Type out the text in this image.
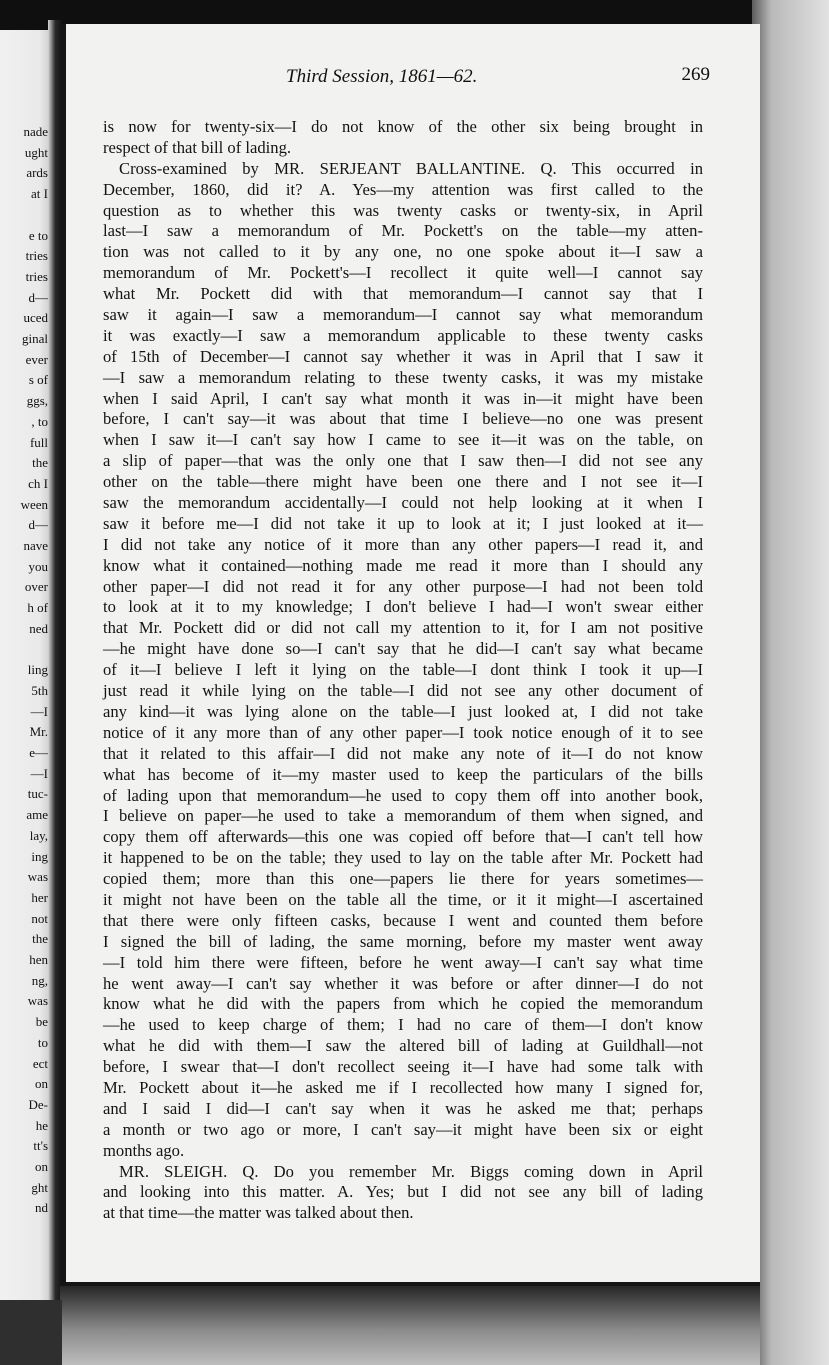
nade
ught
ards
at I
e to
tries
tries
d—
uced
ginal
ever
s of
ggs,
, to
full
the
ch I
ween
d—
nave
you
over
h of
ned
ling
5th
—I
Mr.
e—
—I
tuc-
ame
lay,
ing
was
her
not
the
hen
ng,
was
be
to
ect
on
De-
he
tt's
on
ght
nd
Third Session, 1861—62.	269
is now for twenty-six—I do not know of the other six being brought in
respect of that bill of lading.
Cross-examined by MR. SERJEANT BALLANTINE. Q. This occurred in
December, 1860, did it? A. Yes—my attention was first called to the
question as to whether this was twenty casks or twenty-six, in April
last—I saw a memorandum of Mr. Pockett's on the table—my atten-
tion was not called to it by any one, no one spoke about it—I saw a
memorandum of Mr. Pockett's—I recollect it quite well—I cannot say
what Mr. Pockett did with that memorandum—I cannot say that I
saw it again—I saw a memorandum—I cannot say what memorandum
it was exactly—I saw a memorandum applicable to these twenty casks
of 15th of December—I cannot say whether it was in April that I saw it
—I saw a memorandum relating to these twenty casks, it was my mistake
when I said April, I can't say what month it was in—it might have been
before, I can't say—it was about that time I believe—no one was present
when I saw it—I can't say how I came to see it—it was on the table, on
a slip of paper—that was the only one that I saw then—I did not see any
other on the table—there might have been one there and I not see it—I
saw the memorandum accidentally—I could not help looking at it when I
saw it before me—I did not take it up to look at it; I just looked at it—
I did not take any notice of it more than any other papers—I read it, and
know what it contained—nothing made me read it more than I should any
other paper—I did not read it for any other purpose—I had not been told
to look at it to my knowledge; I don't believe I had—I won't swear either
that Mr. Pockett did or did not call my attention to it, for I am not positive
—he might have done so—I can't say that he did—I can't say what became
of it—I believe I left it lying on the table—I dont think I took it up—I
just read it while lying on the table—I did not see any other document of
any kind—it was lying alone on the table—I just looked at, I did not take
notice of it any more than of any other paper—I took notice enough of it to see
that it related to this affair—I did not make any note of it—I do not know
what has become of it—my master used to keep the particulars of the bills
of lading upon that memorandum—he used to copy them off into another book,
I believe on paper—he used to take a memorandum of them when signed, and
copy them off afterwards—this one was copied off before that—I can't tell how
it happened to be on the table; they used to lay on the table after Mr. Pockett had
copied them; more than this one—papers lie there for years sometimes—
it might not have been on the table all the time, or it it might—I ascertained
that there were only fifteen casks, because I went and counted them before
I signed the bill of lading, the same morning, before my master went away
—I told him there were fifteen, before he went away—I can't say what time
he went away—I can't say whether it was before or after dinner—I do not
know what he did with the papers from which he copied the memorandum
—he used to keep charge of them; I had no care of them—I don't know
what he did with them—I saw the altered bill of lading at Guildhall—not
before, I swear that—I don't recollect seeing it—I have had some talk with
Mr. Pockett about it—he asked me if I recollected how many I signed for,
and I said I did—I can't say when it was he asked me that; perhaps
a month or two ago or more, I can't say—it might have been six or eight
months ago.
MR. SLEIGH. Q. Do you remember Mr. Biggs coming down in April
and looking into this matter. A. Yes; but I did not see any bill of lading
at that time—the matter was talked about then.
